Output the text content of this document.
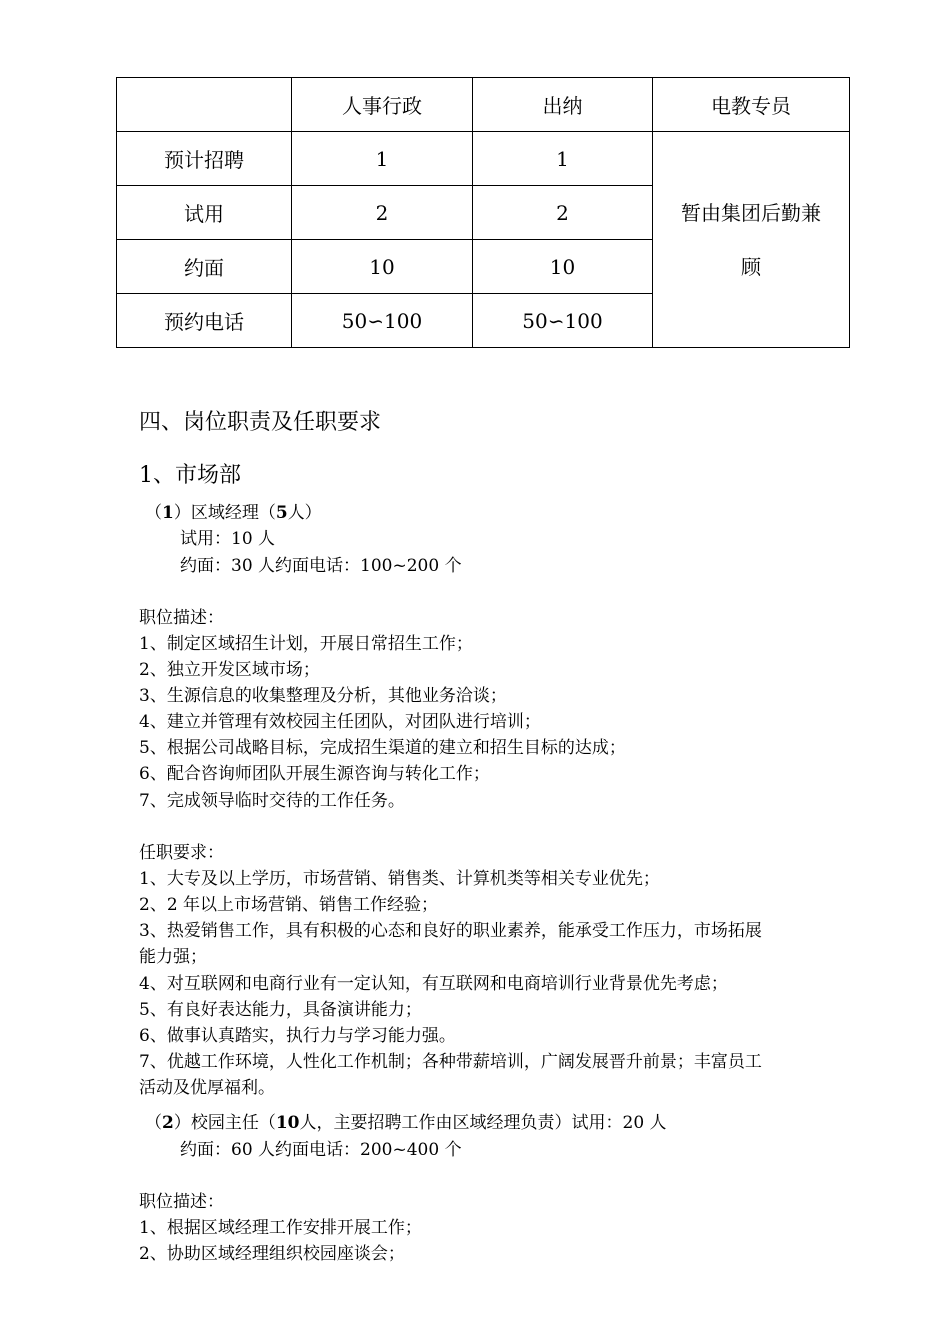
	人事行政	出纳	电教专员
预计招聘	1	1	暂由集团后勤兼
顾
试用	2	2	
约面	10	10	
预约电话	50∽100	50∽100	
四、岗位职责及任职要求
1、市场部
（1）区域经理（5人）
试用：10 人
约面：30 人约面电话：100~200 个
职位描述：
1、制定区域招生计划，开展日常招生工作；
2、独立开发区域市场；
3、生源信息的收集整理及分析，其他业务洽谈；
4、建立并管理有效校园主任团队，对团队进行培训；
5、根据公司战略目标，完成招生渠道的建立和招生目标的达成；
6、配合咨询师团队开展生源咨询与转化工作；
7、完成领导临时交待的工作任务。
任职要求：
1、大专及以上学历，市场营销、销售类、计算机类等相关专业优先；
2、2 年以上市场营销、销售工作经验；
3、热爱销售工作，具有积极的心态和良好的职业素养，能承受工作压力，市场拓展
能力强；
4、对互联网和电商行业有一定认知，有互联网和电商培训行业背景优先考虑；
5、有良好表达能力，具备演讲能力；
6、做事认真踏实，执行力与学习能力强。
7、优越工作环境，人性化工作机制；各种带薪培训，广阔发展晋升前景；丰富员工
活动及优厚福利。
（2）校园主任（10人，主要招聘工作由区域经理负责）试用：20 人
约面：60 人约面电话：200~400 个
职位描述：
1、根据区域经理工作安排开展工作；
2、协助区域经理组织校园座谈会；
